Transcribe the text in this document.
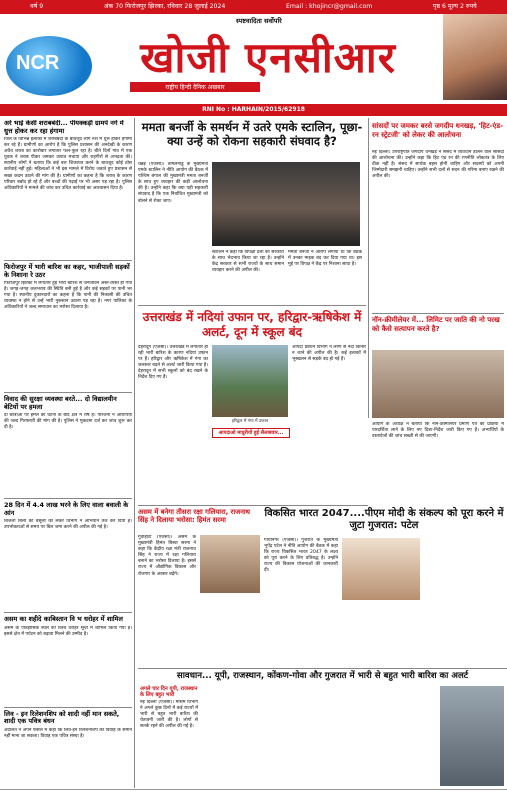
वर्ष 9	अंक 70 फिरोजपुर झिरका, रविवार 28 जुलाई 2024	Email : khojincr@gmail.com	पृष्ठ 6 मूल्य 2 रुपये
NCR
स्पष्टवादिता सर्वोपरि
खोजी एनसीआर
राष्ट्रीय हिन्दी दैनिक अखबार
RNI No : HARHAIN/2015/62918
अरे भाई केसी शराबबंदी... पीयक्कड़ी ग्रामपे नगे में धुत्त होकर कर रहा हंगामा
जिले के विभिन्न इलाकों में शराबबंदी के बावजूद लोग नशे में धुत्त होकर हंगामा कर रहे हैं। ग्रामीणों का आरोप है कि पुलिस प्रशासन की अनदेखी के कारण अवैध शराब का कारोबार लगातार फल-फूल रहा है। बीते दिनों गांव में एक युवक ने शराब पीकर जमकर उत्पात मचाया और राहगीरों से अभद्रता की। स्थानीय लोगों ने बताया कि कई बार शिकायत करने के बावजूद कोई ठोस कार्रवाई नहीं हुई। महिलाओं ने भी इस मामले में विरोध जताते हुए प्रशासन से सख्त कदम उठाने की मांग की है। ग्रामीणों का कहना है कि शराब के कारण परिवार बर्बाद हो रहे हैं और बच्चों की पढ़ाई पर भी असर पड़ रहा है। पुलिस अधिकारियों ने मामले की जांच कर उचित कार्रवाई का आश्वासन दिया है।
फिरोजपुर में भारी बारिश का कहर, भाजीपाली सड़कों के निशाना रे उठर
फिरोजपुर झिरका में लगातार हुई भारी बारिश से जनजीवन अस्त-व्यस्त हो गया है। जगह-जगह जलभराव की स्थिति बनी हुई है और कई सड़कों पर पानी भर गया है। स्थानीय दुकानदारों का कहना है कि पानी की निकासी की उचित व्यवस्था न होने से उन्हें भारी नुकसान उठाना पड़ रहा है। नगर पालिका के अधिकारियों ने जल्द समाधान का भरोसा दिलाया है।
विवाद की सुरक्षा व्यवस्था बरते... दो विद्यालयीन बेटियों पर हमला
दो छात्राओं पर हमले की घटना के बाद क्षेत्र में रोष है। परिजनों ने आरोपियों की जल्द गिरफ्तारी की मांग की है। पुलिस ने मुकदमा दर्ज कर जांच शुरू कर दी है।
28 दिन में 4.4 लाख भरने के लिए वाला बवाली के आंन
बिजली बिलों की वसूली को लेकर विभाग ने अभियान तेज कर दिया है। उपभोक्ताओं से समय पर बिल जमा करने की अपील की गई है।
असम का शहीदे काबिस्तान वि भ धरोहर में शामिल
असम के ऐतिहासिक स्थल को विश्व धरोहर सूची में शामिल किया गया है। इससे क्षेत्र में पर्यटन को बढ़ावा मिलने की उम्मीद है।
लिव - इन रिलेशनशिप को शादी नहीं मान सकते, शादी एक पवित्र बंधन
अदालत ने अपने फैसले में कहा कि लिव-इन रिलेशनशिप को विवाह के समान नहीं माना जा सकता। विवाह एक पवित्र संस्था है।
ममता बनर्जी के समर्थन में उतरे एमके स्टालिन, पूछा- क्या उन्हें को रोकना सहकारी संघवाद है?
चेन्नई (एजेंसी)। तमिलनाडु के मुख्यमंत्री एमके स्टालिन ने नीति आयोग की बैठक में पश्चिम बंगाल की मुख्यमंत्री ममता बनर्जी के साथ हुए व्यवहार की कड़ी आलोचना की है। उन्होंने कहा कि क्या यही सहकारी संघवाद है कि एक निर्वाचित मुख्यमंत्री को बोलने से रोका जाए।
स्टालिन ने कहा कि विपक्षी दलों की सरकारों के साथ भेदभाव किया जा रहा है। उन्होंने केंद्र सरकार से सभी राज्यों के साथ समान व्यवहार करने की अपील की।
ममता बनर्जी ने आरोप लगाया था कि बैठक में उनका माइक बंद कर दिया गया था। इस मुद्दे पर विपक्ष ने केंद्र पर निशाना साधा है।
सांसदों पर जमकर बरसे जगदीप धनखड़, 'हिट-एंड-रन स्ट्रेटजी' को लेकर की आलोचना
नई दिल्ली। उपराष्ट्रपति जगदीप धनखड़ ने संसद में व्यवधान डालने वाले सांसदों की आलोचना की। उन्होंने कहा कि हिट एंड रन की रणनीति लोकतंत्र के लिए ठीक नहीं है। संसद में सार्थक बहस होनी चाहिए और सदस्यों को अपनी जिम्मेदारी समझनी चाहिए। उन्होंने सभी दलों से सदन की गरिमा बनाए रखने की अपील की।
नॉन-क्रीमीलेयर में... लिमिट पर जाति की नो परख को कैसे सत्यापन करते है?
आयोग के अध्यक्ष ने बताया कि नॉन-क्रीमीलेयर प्रमाण पत्र की प्रक्रिया में पारदर्शिता लाने के लिए नए दिशा-निर्देश जारी किए गए हैं। अभ्यर्थियों के दस्तावेजों की जांच सख्ती से की जाएगी।
उत्तराखंड में नदियां उफान पर, हरिद्वार-ऋषिकेश में अलर्ट, दून में स्कूल बंद
देहरादून (एजेंसी)। उत्तराखंड में लगातार हो रही भारी बारिश के कारण नदियां उफान पर हैं। हरिद्वार और ऋषिकेश में गंगा का जलस्तर बढ़ने से अलर्ट जारी किया गया है। देहरादून में सभी स्कूलों को बंद रखने के निर्देश दिए गए हैं।
हरिद्वार में गंगा में उफान
आपदा प्रबंधन विभाग ने लोगों से नदी किनारे न जाने की अपील की है। कई इलाकों में भूस्खलन से सड़कें बंद हो गई हैं।
आपदाओ माधुरीयों हुई सैलाबवार...
असम में बनेगा तीसरा रक्षा गलियारा, राजनाथ सिंह ने दिलाया भरोसा: हिमंत सरमा
गुवाहाटी (एजेंसी)। असम के मुख्यमंत्री हिमंत बिस्वा सरमा ने कहा कि केंद्रीय रक्षा मंत्री राजनाथ सिंह ने राज्य में रक्षा गलियारा बनाने का भरोसा दिलाया है। इससे राज्य में औद्योगिक विकास और रोजगार के अवसर बढ़ेंगे।
विकसित भारत 2047....पीएम मोदी के संकल्प को पूरा करने में जुटा गुजरात: पटेल
गांधीनगर (एजेंसी)। गुजरात के मुख्यमंत्री भूपेंद्र पटेल ने नीति आयोग की बैठक में कहा कि राज्य विकसित भारत 2047 के लक्ष्य को पूरा करने के लिए प्रतिबद्ध है। उन्होंने राज्य की विकास योजनाओं की जानकारी दी।
सावधान... यूपी, राजस्थान, कोंकण-गोवा और गुजरात में भारी से बहुत भारी बारिश का अलर्ट
अगले चार दिन यूपी, राजस्थान के लिए बहुत भारी
नई दिल्ली (एजेंसी)। मौसम विभाग ने अगले कुछ दिनों में कई राज्यों में भारी से बहुत भारी बारिश की चेतावनी जारी की है। लोगों से सतर्क रहने की अपील की गई है।
